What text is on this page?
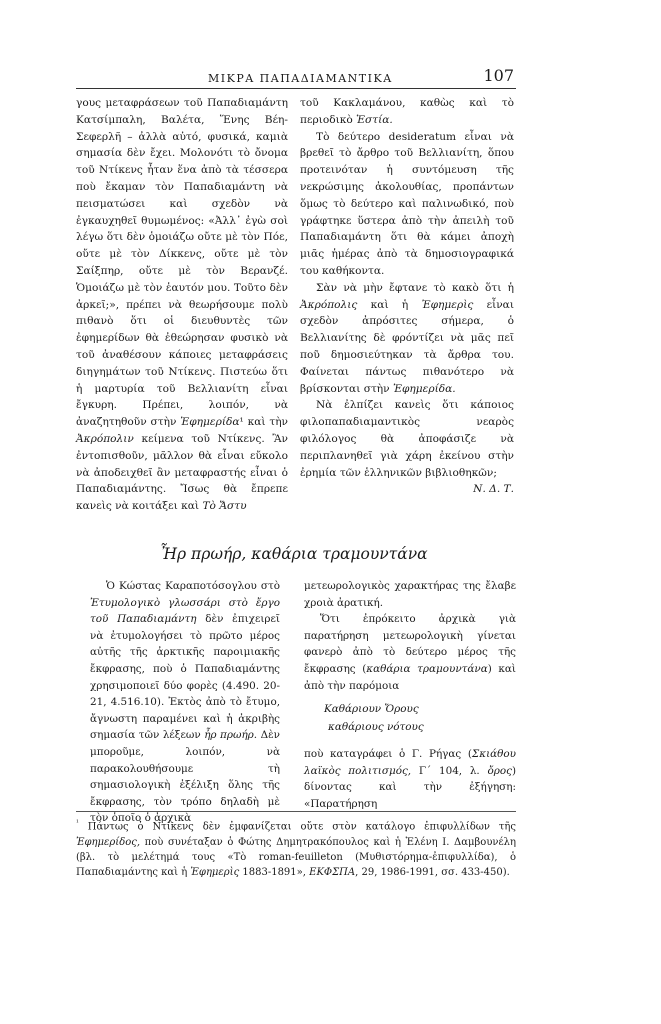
ΜΙΚΡΑ ΠΑΠΑΔΙΑΜΑΝΤΙΚΑ	107

γους μεταφράσεων τοῦ Παπαδιαμάντη Κατσίμπαλη, Βαλέτα, Ἕνης Βέη-Σεφερλῆ – ἀλλὰ αὐτό, φυσικά, καμιὰ σημασία δὲν ἔχει. Μολονότι τὸ ὄνομα τοῦ Ντίκενς ἦταν ἕνα ἀπὸ τὰ τέσσερα ποὺ ἔκαμαν τὸν Παπαδιαμάντη νὰ πεισματώσει καὶ σχεδὸν νὰ ἐγκαυχηθεῖ θυμωμένος: «Ἀλλ᾽ ἐγὼ σοὶ λέγω ὅτι δὲν ὁμοιάζω οὔτε μὲ τὸν Πόε, οὔτε μὲ τὸν Δίκκενς, οὔτε μὲ τὸν Σαίξπηρ, οὔτε μὲ τὸν Βερανζέ. Ὁμοιάζω μὲ τὸν ἑαυτόν μου. Τοῦτο δὲν ἀρκεῖ;», πρέπει νὰ θεωρήσουμε πολὺ πιθανὸ ὅτι οἱ διευθυντὲς τῶν ἐφημερίδων θὰ ἐθεώρησαν φυσικὸ νὰ τοῦ ἀναθέσουν κάποιες μεταφράσεις διηγημάτων τοῦ Ντίκενς. Πιστεύω ὅτι ἡ μαρτυρία τοῦ Βελλιανίτη εἶναι ἔγκυρη. Πρέπει, λοιπόν, νὰ ἀναζητηθοῦν στὴν Ἐφημερίδα¹ καὶ τὴν Ἀκρόπολιν κείμενα τοῦ Ντίκενς. Ἂν ἐντοπισθοῦν, μᾶλλον θὰ εἶναι εὔκολο νὰ ἀποδειχθεῖ ἂν μεταφραστής εἶναι ὁ Παπαδιαμάντης. Ἴσως θὰ ἔπρεπε κανεὶς νὰ κοιτάξει καὶ Τὸ Ἄστυ

τοῦ Κακλαμάνου, καθὼς καὶ τὸ περιοδικὸ Ἑστία.

Τὸ δεύτερο desideratum εἶναι νὰ βρεθεῖ τὸ ἄρθρο τοῦ Βελλιανίτη, ὅπου προτεινόταν ἡ συντόμευση τῆς νεκρώσιμης ἀκολουθίας, προπάντων ὅμως τὸ δεύτερο καὶ παλινωδικό, ποὺ γράφτηκε ὕστερα ἀπὸ τὴν ἀπειλὴ τοῦ Παπαδιαμάντη ὅτι θὰ κάμει ἀποχὴ μιᾶς ἡμέρας ἀπὸ τὰ δημοσιογραφικά του καθήκοντα.

Σὰν νὰ μὴν ἔφτανε τὸ κακὸ ὅτι ἡ Ἀκρόπολις καὶ ἡ Ἐφημερὶς εἶναι σχεδὸν ἀπρόσιτες σήμερα, ὁ Βελλιανίτης δὲ φρόντίζει νὰ μᾶς πεῖ ποῦ δημοσιεύτηκαν τὰ ἄρθρα του. Φαίνεται πάντως πιθανότερο νὰ βρίσκονται στὴν Ἐφημερίδα.

Νὰ ἐλπίζει κανεὶς ὅτι κάποιος φιλοπαπαδιαμαντικὸς νεαρὸς φιλόλογος θὰ ἀποφάσιζε νὰ περιπλανηθεῖ γιὰ χάρη ἐκείνου στὴν ἐρημία τῶν ἑλληνικῶν βιβλιοθηκῶν;

Ν. Δ. Τ.

Ἦρ πρωήρ, καθάρια τραμουντάνα

Ὁ Κώστας Καραποτόσογλου στὸ Ἐτυμολογικὸ γλωσσάρι στὸ ἔργο τοῦ Παπαδιαμάντη δὲν ἐπιχειρεῖ νὰ ἐτυμολογήσει τὸ πρῶτο μέρος αὐτῆς τῆς ἀρκτικῆς παροιμιακῆς ἔκφρασης, ποὺ ὁ Παπαδιαμάντης χρησιμοποιεῖ δύο φορὲς (4.490. 20-21, 4.516.10). Ἐκτὸς ἀπὸ τὸ ἔτυμο, ἄγνωστη παραμένει καὶ ἡ ἀκριβὴς σημασία τῶν λέξεων ἦρ πρωήρ. Δὲν μποροῦμε, λοιπόν, νὰ παρακολουθήσουμε τὴ σημασιολογικὴ ἐξέλιξη ὅλης τῆς ἔκφρασης, τὸν τρόπο δηλαδὴ μὲ τὸν ὁποῖο ὁ ἀρχικὰ

μετεωρολογικὸς χαρακτήρας της ἔλαβε χροιὰ ἀρατική.

Ὅτι ἐπρόκειτο ἀρχικὰ γιὰ παρατήρηση μετεωρολογικὴ γίνεται φανερὸ ἀπὸ τὸ δεύτερο μέρος τῆς ἔκφρασης (καθάρια τραμουντάνα) καὶ ἀπὸ τὴν παρόμοια

Καθάριουν Ὄρους
καθάριους νότους

ποὺ καταγράφει ὁ Γ. Ρήγας (Σκιάθου λαϊκὸς πολιτισμός, Γ´ 104, λ. ὄρος) δίνοντας καὶ τὴν ἐξήγηση: «Παρατήρηση

$^{^1}$ Πάντως ὁ Ντίκενς δὲν ἐμφανίζεται οὔτε στὸν κατάλογο ἐπιφυλλίδων τῆς Ἐφημερίδος, ποὺ συνέταξαν ὁ Φώτης Δημητρακόπουλος καὶ ἡ Ἑλένη Ι. Δαμβουνέλη (βλ. τὸ μελέτημά τους «Τὸ roman-feuilleton (Μυθιστόρημα-ἐπιφυλλίδα), ὁ Παπαδιαμάντης καὶ ἡ Ἐφημερὶς 1883-1891», ΕΚΦΣΠΑ, 29, 1986-1991, σσ. 433-450).
